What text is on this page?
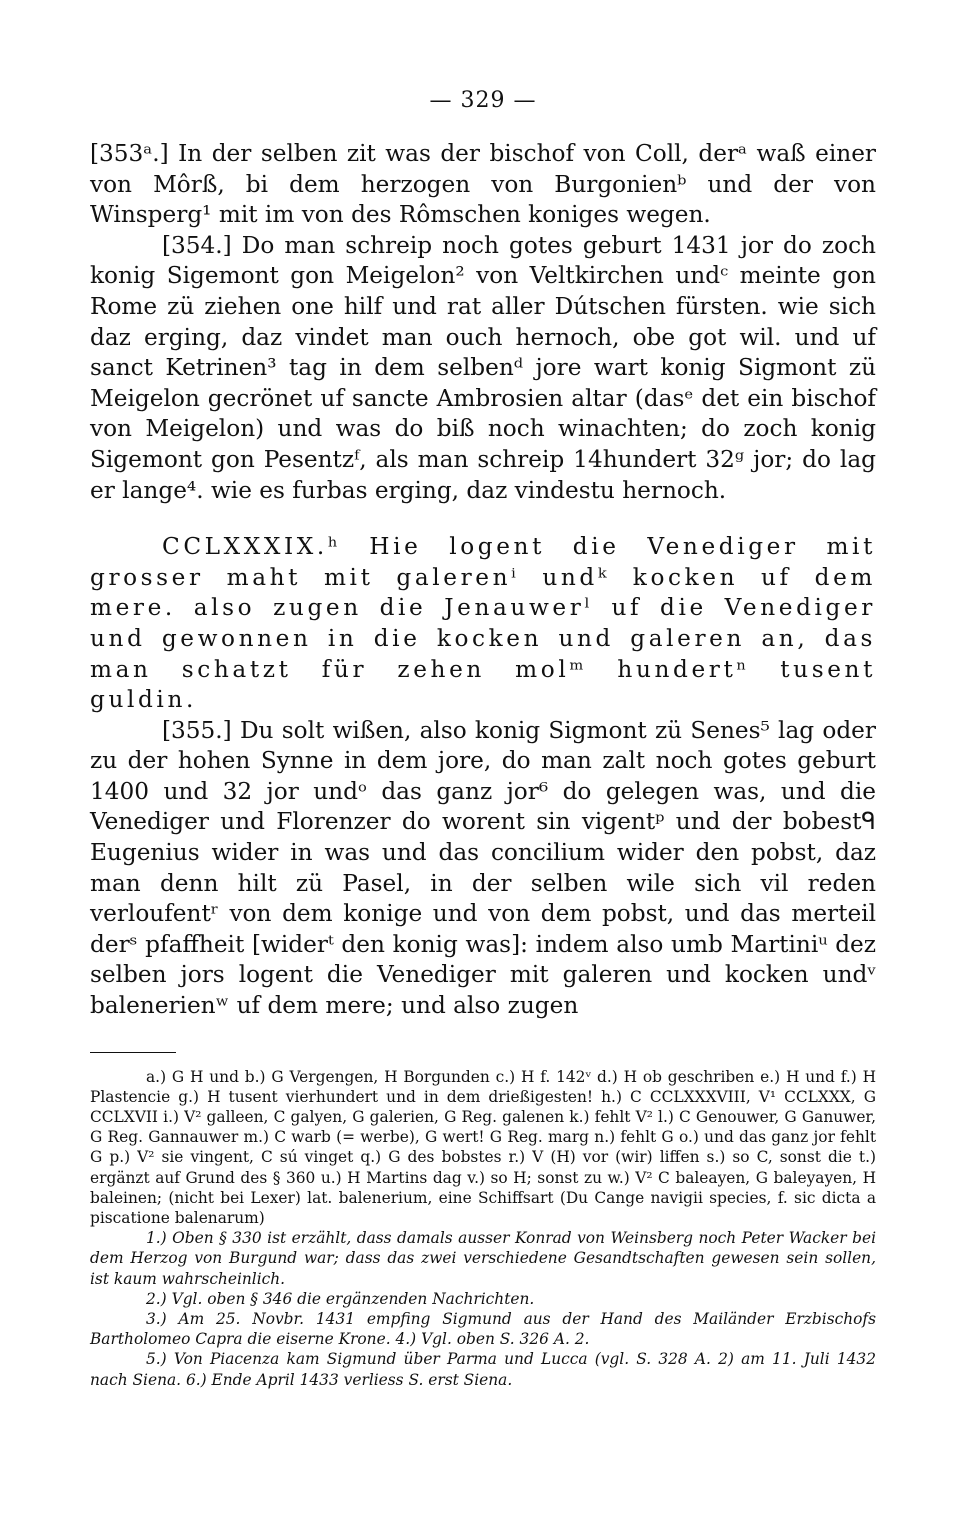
— 329 —

[353ᵃ.] In der selben zit was der bischof von Coll, derᵃ waß einer von Môrß, bi dem herzogen von Burgonienᵇ und der von Winsperg¹ mit im von des Rômschen koniges wegen.

[354.] Do man schreip noch gotes geburt 1431 jor do zoch konig Sigemont gon Meigelon² von Veltkirchen undᶜ meinte gon Rome zü ziehen one hilf und rat aller Dútschen fürsten. wie sich daz erging, daz vindet man ouch hernoch, obe got wil. und uf sanct Ketrinen³ tag in dem selbenᵈ jore wart konig Sigmont zü Meigelon gecrönet uf sancte Ambrosien altar (dasᵉ det ein bischof von Meigelon) und was do biß noch winachten; do zoch konig Sigemont gon Pesentzᶠ, als man schreip 14hundert 32ᵍ jor; do lag er lange⁴. wie es furbas erging, daz vindestu hernoch.

CCLXXXIX.ʰ Hie logent die Venediger mit grosser maht mit galerenⁱ undᵏ kocken uf dem mere. also zugen die Jenauwerˡ uf die Venediger und gewonnen in die kocken und galeren an, das man schatzt für zehen molᵐ hundertⁿ tusent guldin.

[355.] Du solt wißen, also konig Sigmont zü Senes⁵ lag oder zu der hohen Synne in dem jore, do man zalt noch gotes geburt 1400 und 32 jor undᵒ das ganz jor⁶ do gelegen was, und die Venediger und Florenzer do worent sin vigentᵖ und der bobestᑫ Eugenius wider in was und das concilium wider den pobst, daz man denn hilt zü Pasel, in der selben wile sich vil reden verloufentʳ von dem konige und von dem pobst, und das merteil derˢ pfaffheit [widerᵗ den konig was]: indem also umb Martiniᵘ dez selben jors logent die Venediger mit galeren und kocken undᵛ balenerienʷ uf dem mere; und also zugen

a.) G H und b.) G Vergengen, H Borgunden c.) H f. 142ᵛ d.) H ob geschriben e.) H und f.) H Plastencie g.) H tusent vierhundert und in dem drießigesten! h.) C CCLXXXVIII, V¹ CCLXXX, G CCLXVII i.) V² galleen, C galyen, G galerien, G Reg. galenen k.) fehlt V² l.) C Genouwer, G Ganuwer, G Reg. Gannauwer m.) C warb (= werbe), G wert! G Reg. marg n.) fehlt G o.) und das ganz jor fehlt G p.) V² sie vingent, C sú vinget q.) G des bobstes r.) V (H) vor (wir) liffen s.) so C, sonst die t.) ergänzt auf Grund des § 360 u.) H Martins dag v.) so H; sonst zu w.) V² C baleayen, G baleyayen, H baleinen; (nicht bei Lexer) lat. balenerium, eine Schiffsart (Du Cange navigii species, f. sic dicta a piscatione balenarum)

1.) Oben § 330 ist erzählt, dass damals ausser Konrad von Weinsberg noch Peter Wacker bei dem Herzog von Burgund war; dass das zwei verschiedene Gesandtschaften gewesen sein sollen, ist kaum wahrscheinlich.

2.) Vgl. oben § 346 die ergänzenden Nachrichten.

3.) Am 25. Novbr. 1431 empfing Sigmund aus der Hand des Mailänder Erzbischofs Bartholomeo Capra die eiserne Krone. 4.) Vgl. oben S. 326 A. 2.

5.) Von Piacenza kam Sigmund über Parma und Lucca (vgl. S. 328 A. 2) am 11. Juli 1432 nach Siena. 6.) Ende April 1433 verliess S. erst Siena.
